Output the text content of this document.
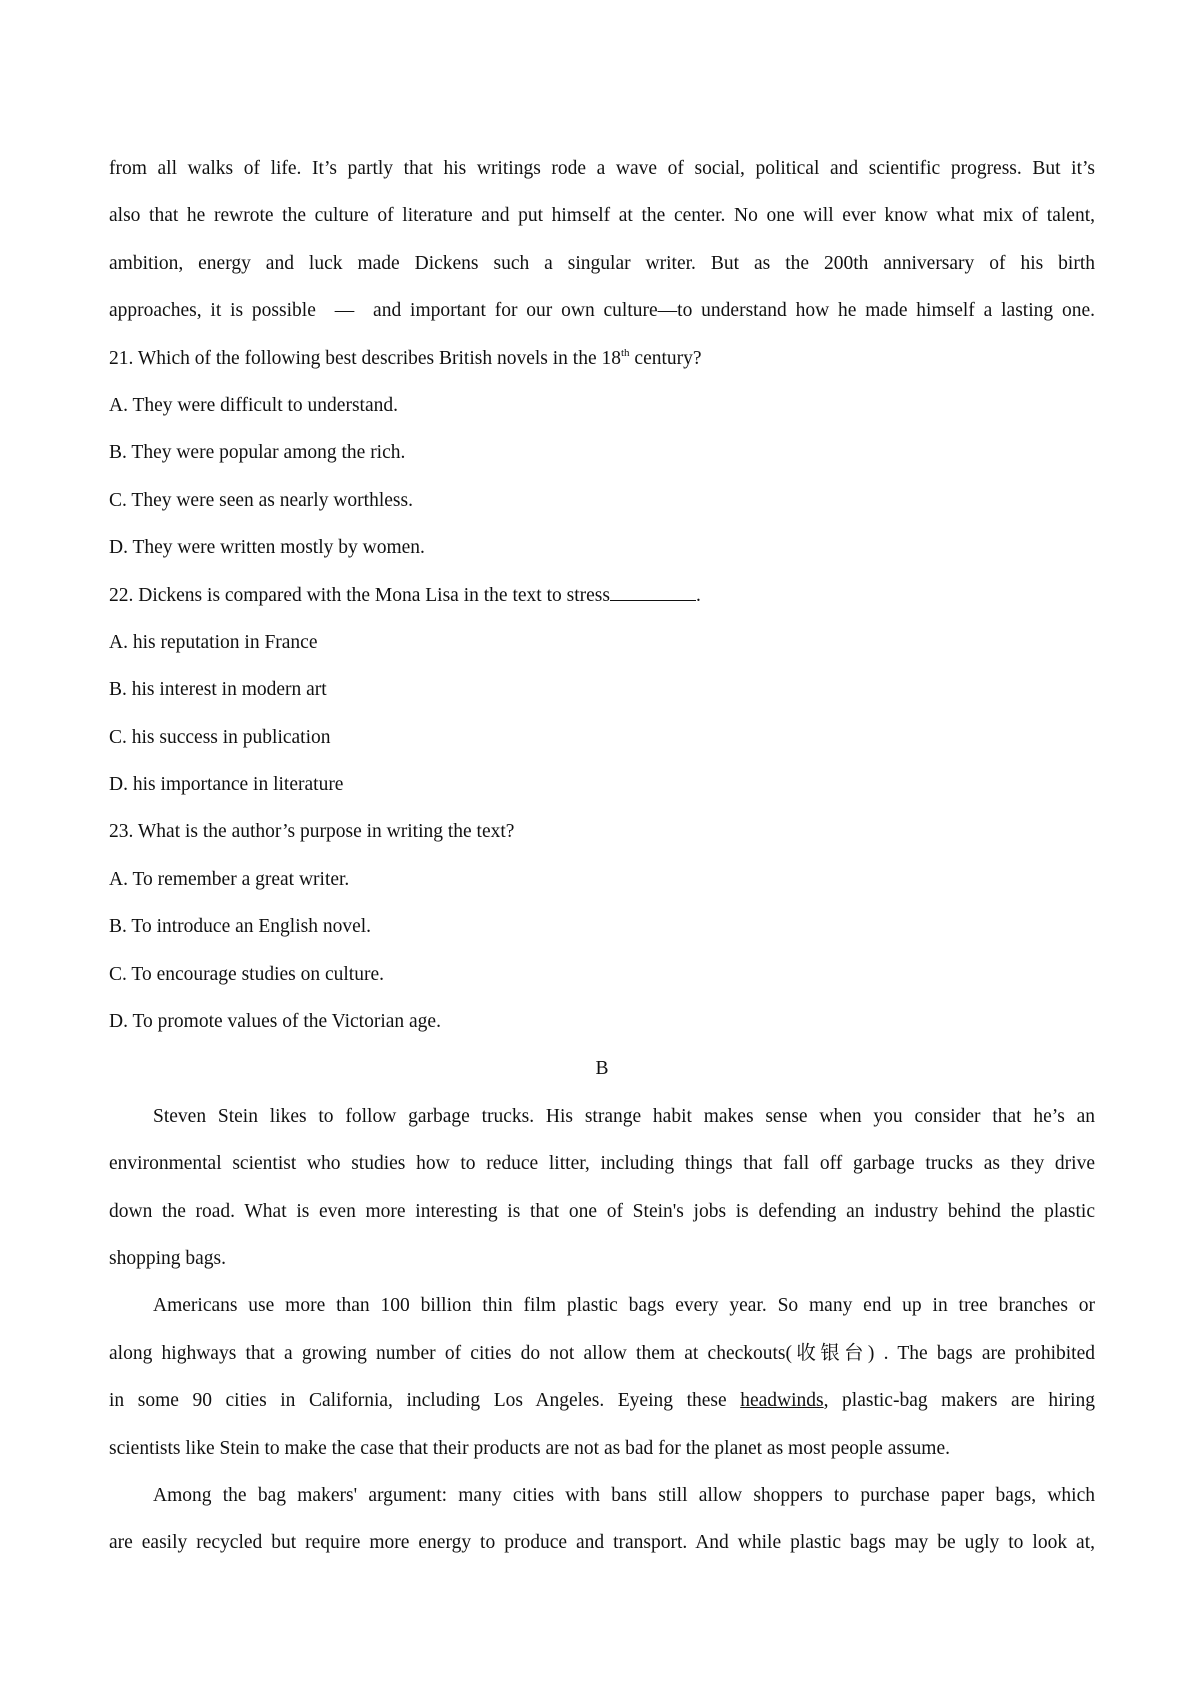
from all walks of life. It’s partly that his writings rode a wave of social, political and scientific progress. But it’s
also that he rewrote the culture of literature and put himself at the center. No one will ever know what mix of talent,
ambition, energy and luck made Dickens such a singular writer. But as the 200th anniversary of his birth
approaches, it is possible — and important for our own culture—to understand how he made himself a lasting one.
21. Which of the following best describes British novels in the 18th century?
A. They were difficult to understand.
B. They were popular among the rich.
C. They were seen as nearly worthless.
D. They were written mostly by women.
22. Dickens is compared with the Mona Lisa in the text to stress	.
A. his reputation in France
B. his interest in modern art
C. his success in publication
D. his importance in literature
23. What is the author’s purpose in writing the text?
A. To remember a great writer.
B. To introduce an English novel.
C. To encourage studies on culture.
D. To promote values of the Victorian age.
B
Steven Stein likes to follow garbage trucks. His strange habit makes sense when you consider that he’s an
environmental scientist who studies how to reduce litter, including things that fall off garbage trucks as they drive
down the road. What is even more interesting is that one of Stein's jobs is defending an industry behind the plastic
shopping bags.
Americans use more than 100 billion thin film plastic bags every year. So many end up in tree branches or
along highways that a growing number of cities do not allow them at checkouts(收银台) . The bags are prohibited
in some 90 cities in California, including Los Angeles. Eyeing these headwinds, plastic-bag makers are hiring
scientists like Stein to make the case that their products are not as bad for the planet as most people assume.
Among the bag makers' argument: many cities with bans still allow shoppers to purchase paper bags, which
are easily recycled but require more energy to produce and transport. And while plastic bags may be ugly to look at,
